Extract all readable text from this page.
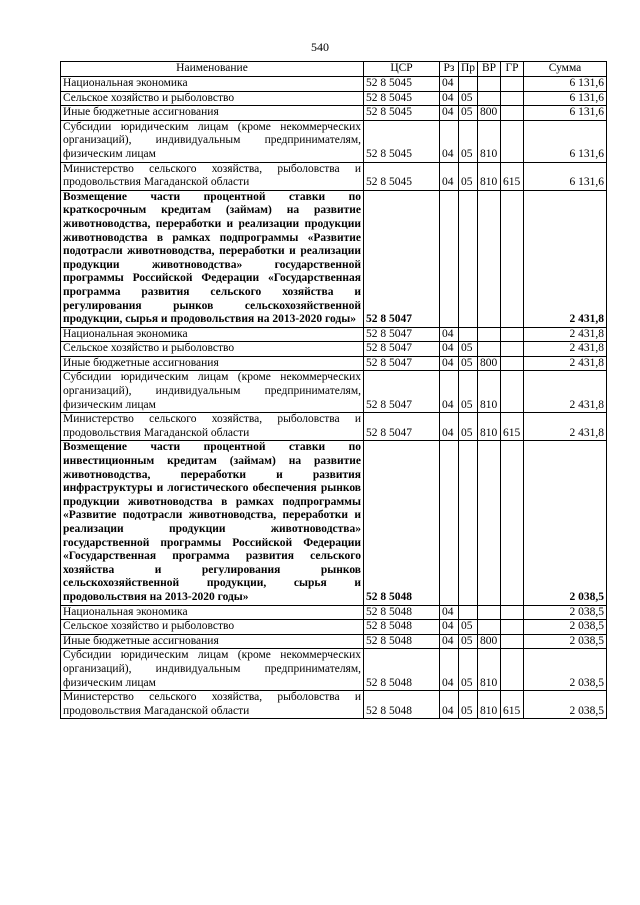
540
Наименование	ЦСР	Рз	Пр	ВР	ГР	Сумма
Национальная экономика	52 8 5045	04				6 131,6
Сельское хозяйство и рыболовство	52 8 5045	04	05			6 131,6
Иные бюджетные ассигнования	52 8 5045	04	05	800		6 131,6
Субсидии юридическим лицам (кроме некоммерческих организаций), индивидуальным предпринимателям, физическим лицам	52 8 5045	04	05	810		6 131,6
Министерство сельского хозяйства, рыболовства и продовольствия Магаданской области	52 8 5045	04	05	810	615	6 131,6
Возмещение части процентной ставки по краткосрочным кредитам (займам) на развитие животноводства, переработки и реализации продукции животноводства в рамках подпрограммы «Развитие подотрасли животноводства, переработки и реализации продукции животноводства» государственной программы Российской Федерации «Государственная программа развития сельского хозяйства и регулирования рынков сельскохозяйственной продукции, сырья и продовольствия на 2013-2020 годы»	52 8 5047					2 431,8
Национальная экономика	52 8 5047	04				2 431,8
Сельское хозяйство и рыболовство	52 8 5047	04	05			2 431,8
Иные бюджетные ассигнования	52 8 5047	04	05	800		2 431,8
Субсидии юридическим лицам (кроме некоммерческих организаций), индивидуальным предпринимателям, физическим лицам	52 8 5047	04	05	810		2 431,8
Министерство сельского хозяйства, рыболовства и продовольствия Магаданской области	52 8 5047	04	05	810	615	2 431,8
Возмещение части процентной ставки по инвестиционным кредитам (займам) на развитие животноводства, переработки и развития инфраструктуры и логистического обеспечения рынков продукции животноводства в рамках подпрограммы «Развитие подотрасли животноводства, переработки и реализации продукции животноводства» государственной программы Российской Федерации «Государственная программа развития сельского хозяйства и регулирования рынков сельскохозяйственной продукции, сырья и продовольствия на 2013-2020 годы»	52 8 5048					2 038,5
Национальная экономика	52 8 5048	04				2 038,5
Сельское хозяйство и рыболовство	52 8 5048	04	05			2 038,5
Иные бюджетные ассигнования	52 8 5048	04	05	800		2 038,5
Субсидии юридическим лицам (кроме некоммерческих организаций), индивидуальным предпринимателям, физическим лицам	52 8 5048	04	05	810		2 038,5
Министерство сельского хозяйства, рыболовства и продовольствия Магаданской области	52 8 5048	04	05	810	615	2 038,5
